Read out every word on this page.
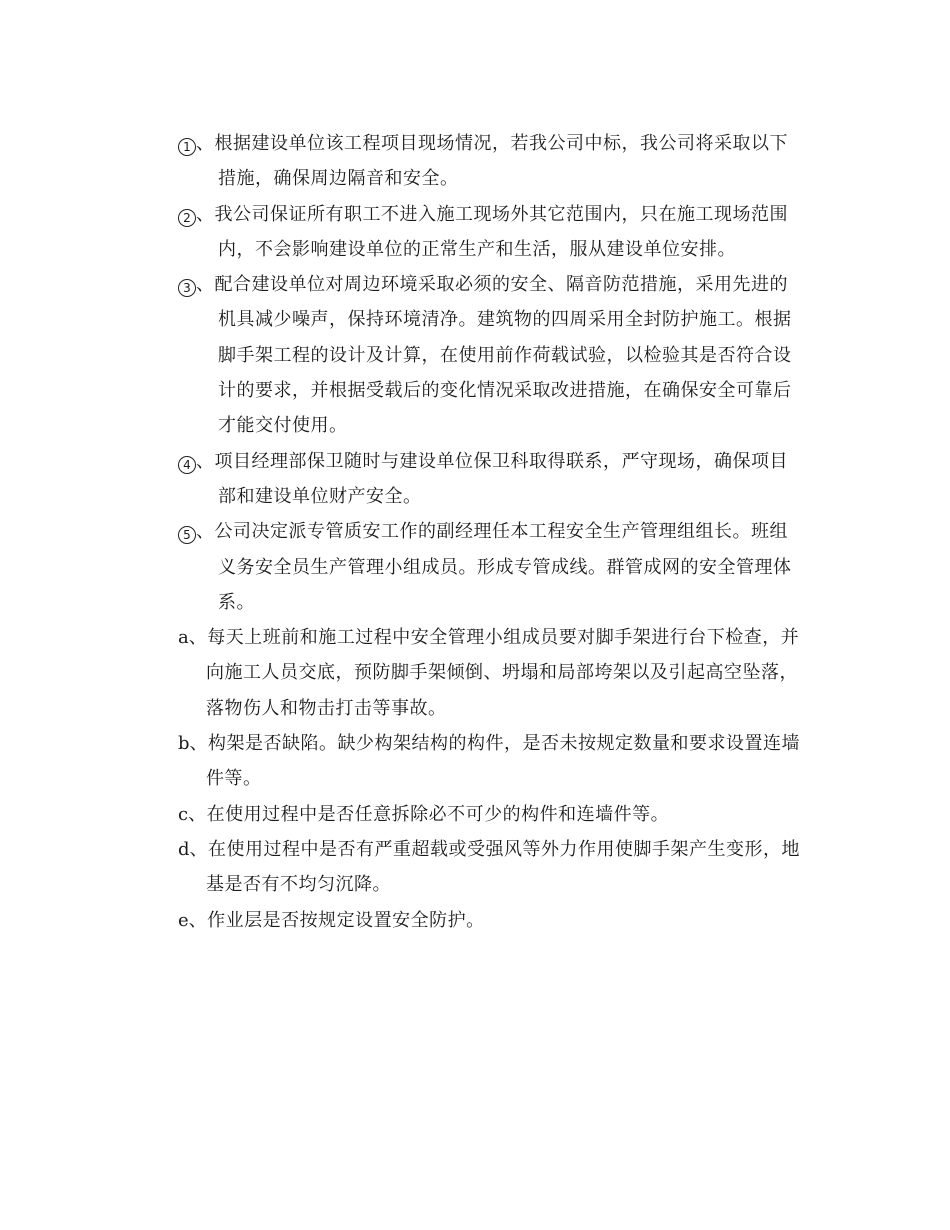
1 、根据建设单位该工程项目现场情况，若我公司中标，我公司将采取以下
措施，确保周边隔音和安全。
2 、我公司保证所有职工不进入施工现场外其它范围内，只在施工现场范围
内，不会影响建设单位的正常生产和生活，服从建设单位安排。
3 、配合建设单位对周边环境采取必须的安全、隔音防范措施，采用先进的
机具减少噪声，保持环境清净。建筑物的四周采用全封防护施工。根据
脚手架工程的设计及计算，在使用前作荷载试验，以检验其是否符合设
计的要求，并根据受载后的变化情况采取改进措施，在确保安全可靠后
才能交付使用。
4 、项目经理部保卫随时与建设单位保卫科取得联系，严守现场，确保项目
部和建设单位财产安全。
5 、公司决定派专管质安工作的副经理任本工程安全生产管理组组长。班组
义务安全员生产管理小组成员。形成专管成线。群管成网的安全管理体
系。
a、每天上班前和施工过程中安全管理小组成员要对脚手架进行台下检查，并
向施工人员交底，预防脚手架倾倒、坍塌和局部垮架以及引起高空坠落，
落物伤人和物击打击等事故。
b、构架是否缺陷。缺少构架结构的构件，是否未按规定数量和要求设置连墙
件等。
c、在使用过程中是否任意拆除必不可少的构件和连墙件等。
d、在使用过程中是否有严重超载或受强风等外力作用使脚手架产生变形，地
基是否有不均匀沉降。
e、作业层是否按规定设置安全防护。
